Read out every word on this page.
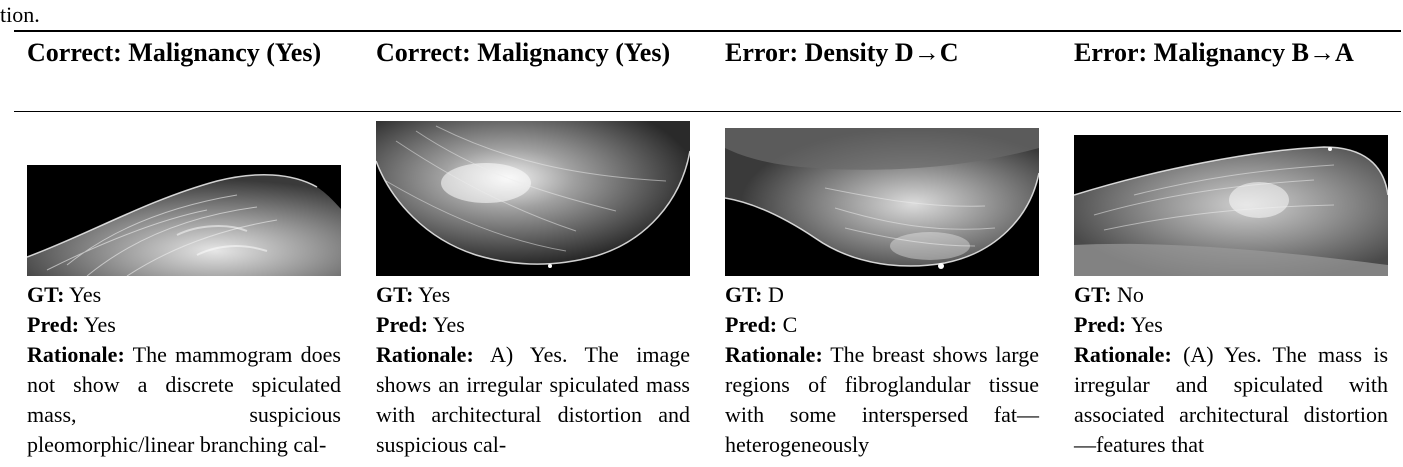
tion.
Correct: Malignancy (Yes)
GT: Yes
Pred: Yes
Rationale: The mammogram does not show a discrete spiculated mass, suspicious pleomorphic/linear branching cal-
Correct: Malignancy (Yes)
GT: Yes
Pred: Yes
Rationale: A) Yes. The image shows an irregular spiculated mass with architectural distortion and suspicious cal-
Error: Density D→C
GT: D
Pred: C
Rationale: The breast shows large regions of fibroglandular tissue with some interspersed fat—heterogeneously
Error: Malignancy B→A
GT: No
Pred: Yes
Rationale: (A) Yes. The mass is irregular and spiculated with associated architectural distortion—features that
